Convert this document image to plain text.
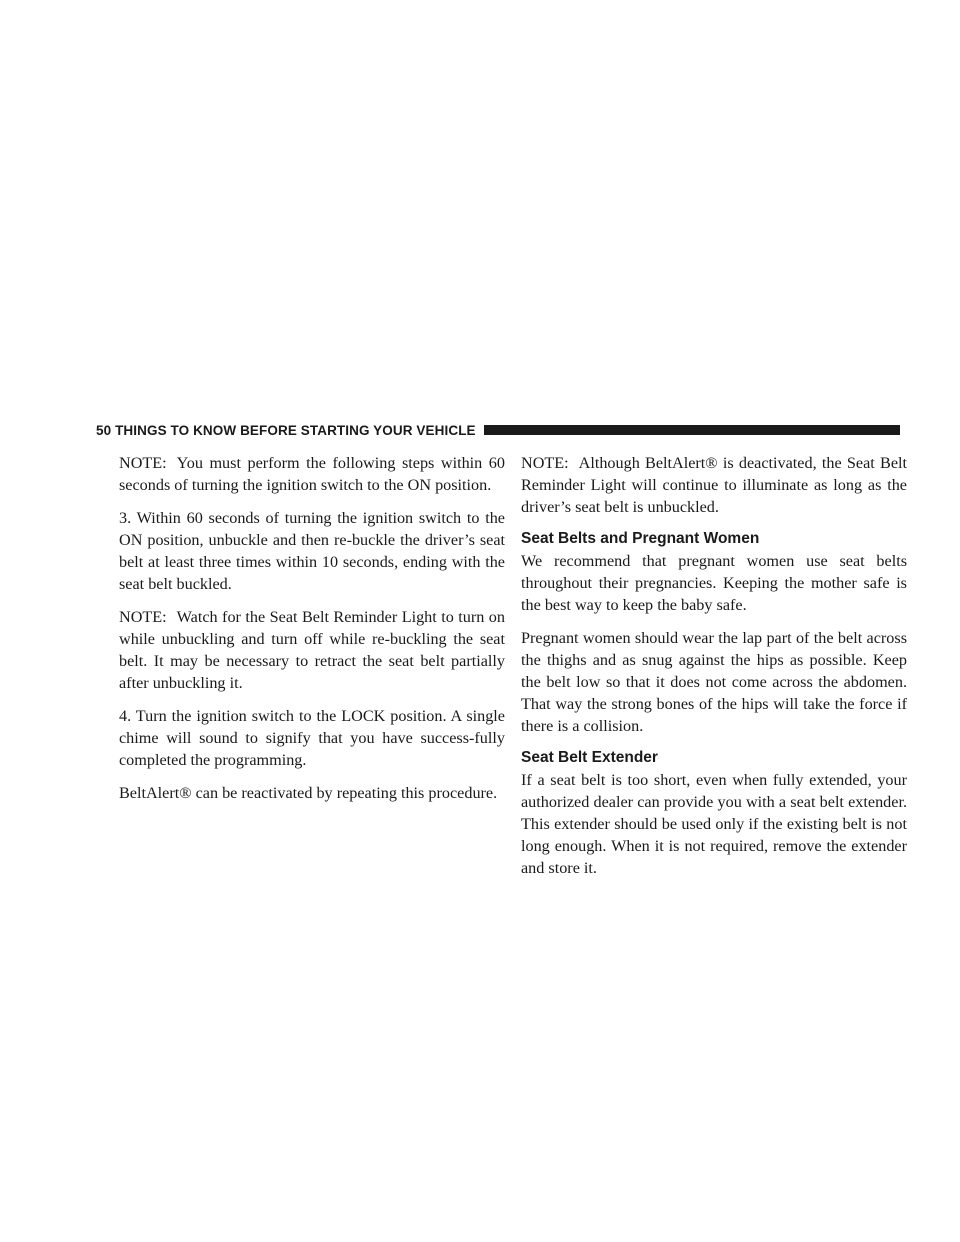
50 THINGS TO KNOW BEFORE STARTING YOUR VEHICLE

NOTE: You must perform the following steps within 60 seconds of turning the ignition switch to the ON position.

3. Within 60 seconds of turning the ignition switch to the ON position, unbuckle and then re-buckle the driver’s seat belt at least three times within 10 seconds, ending with the seat belt buckled.

NOTE: Watch for the Seat Belt Reminder Light to turn on while unbuckling and turn off while re-buckling the seat belt. It may be necessary to retract the seat belt partially after unbuckling it.

4. Turn the ignition switch to the LOCK position. A single chime will sound to signify that you have success-fully completed the programming.

BeltAlert® can be reactivated by repeating this procedure.

NOTE: Although BeltAlert® is deactivated, the Seat Belt Reminder Light will continue to illuminate as long as the driver’s seat belt is unbuckled.

Seat Belts and Pregnant Women

We recommend that pregnant women use seat belts throughout their pregnancies. Keeping the mother safe is the best way to keep the baby safe.

Pregnant women should wear the lap part of the belt across the thighs and as snug against the hips as possible. Keep the belt low so that it does not come across the abdomen. That way the strong bones of the hips will take the force if there is a collision.

Seat Belt Extender

If a seat belt is too short, even when fully extended, your authorized dealer can provide you with a seat belt extender. This extender should be used only if the existing belt is not long enough. When it is not required, remove the extender and store it.
